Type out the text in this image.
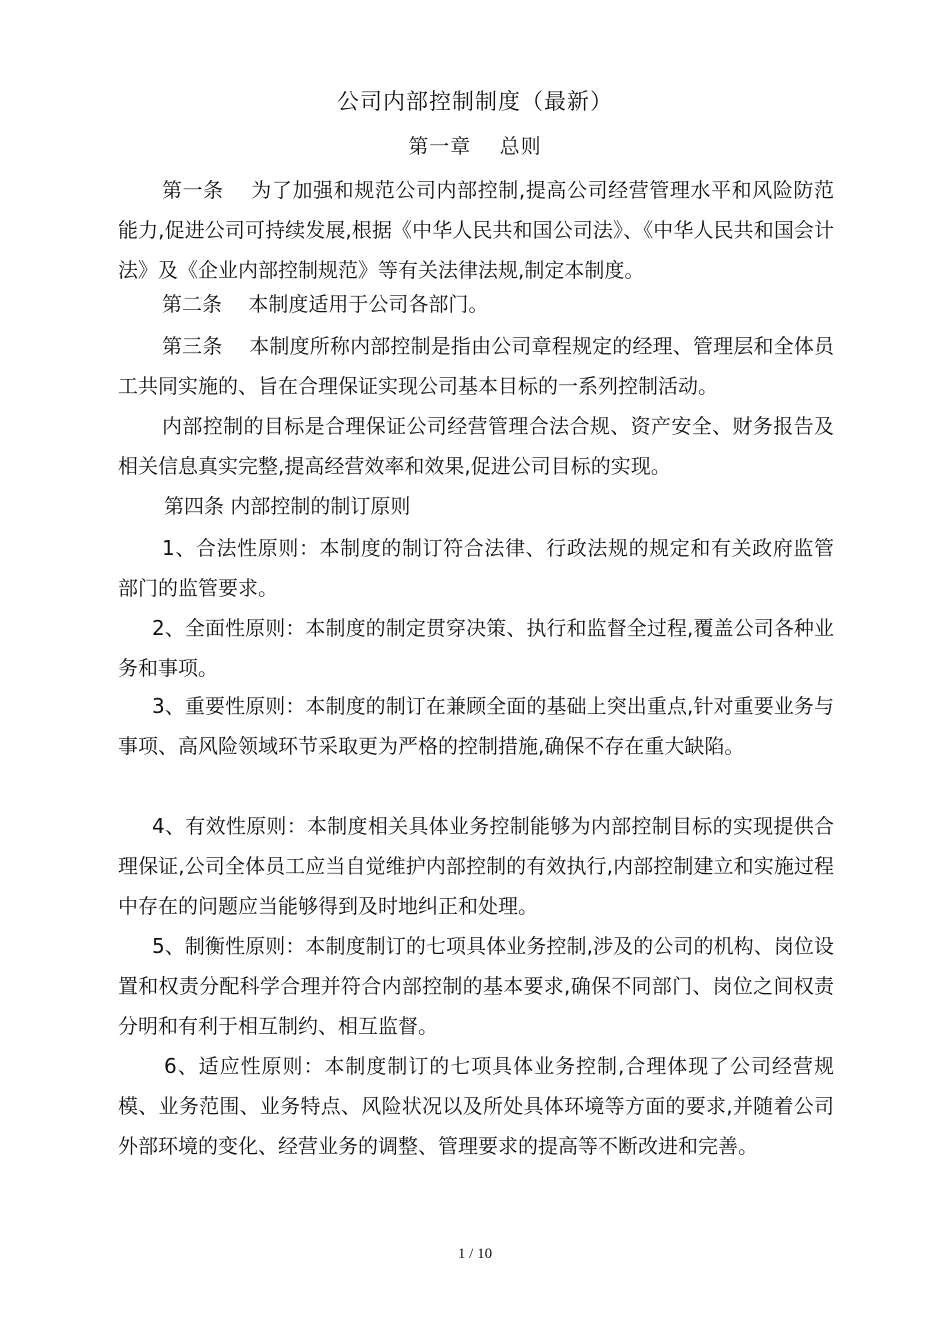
公司内部控制制度（最新）
第一章　 总则

第一条　 为了加强和规范公司内部控制,提高公司经营管理水平和风险防范能力,促进公司可持续发展,根据《中华人民共和国公司法》、《中华人民共和国会计法》及《企业内部控制规范》等有关法律法规,制定本制度。

第二条　 本制度适用于公司各部门。

第三条　 本制度所称内部控制是指由公司章程规定的经理、管理层和全体员工共同实施的、旨在合理保证实现公司基本目标的一系列控制活动。

内部控制的目标是合理保证公司经营管理合法合规、资产安全、财务报告及相关信息真实完整,提高经营效率和效果,促进公司目标的实现。

第四条 内部控制的制订原则

1、合法性原则：本制度的制订符合法律、行政法规的规定和有关政府监管部门的监管要求。

2、全面性原则：本制度的制定贯穿决策、执行和监督全过程,覆盖公司各种业务和事项。

3、重要性原则：本制度的制订在兼顾全面的基础上突出重点,针对重要业务与事项、高风险领域环节采取更为严格的控制措施,确保不存在重大缺陷。

4、有效性原则：本制度相关具体业务控制能够为内部控制目标的实现提供合理保证,公司全体员工应当自觉维护内部控制的有效执行,内部控制建立和实施过程中存在的问题应当能够得到及时地纠正和处理。

5、制衡性原则：本制度制订的七项具体业务控制,涉及的公司的机构、岗位设置和权责分配科学合理并符合内部控制的基本要求,确保不同部门、岗位之间权责分明和有利于相互制约、相互监督。

6、适应性原则：本制度制订的七项具体业务控制,合理体现了公司经营规模、业务范围、业务特点、风险状况以及所处具体环境等方面的要求,并随着公司外部环境的变化、经营业务的调整、管理要求的提高等不断改进和完善。

1 / 10
